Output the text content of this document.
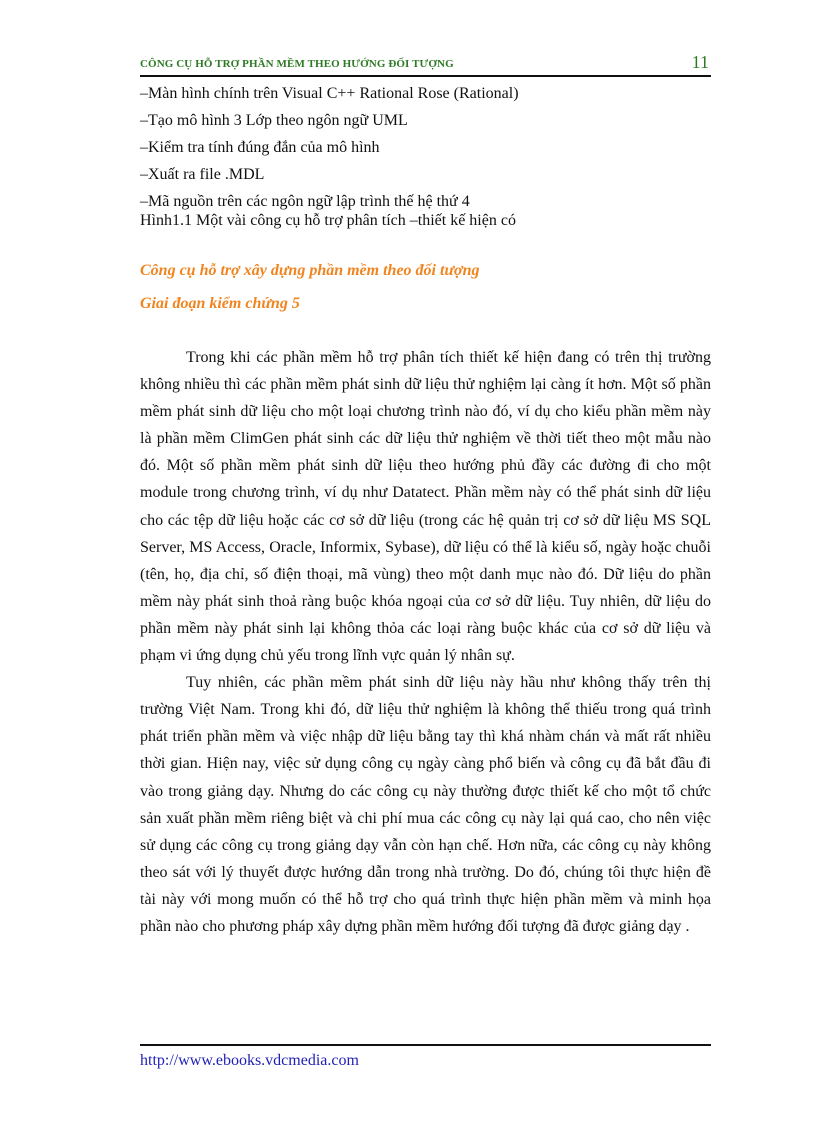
CÔNG CỤ HỖ TRỢ PHẦN MỀM THEO HƯỚNG ĐỐI TƯỢNG	11
–Màn hình chính trên Visual C++ Rational Rose (Rational)
–Tạo mô hình 3 Lớp theo ngôn ngữ UML
–Kiểm tra tính đúng đắn của mô hình
–Xuất ra file .MDL
–Mã nguồn trên các ngôn ngữ lập trình thế hệ thứ 4
Hình1.1 Một vài công cụ hỗ trợ phân tích –thiết kế hiện có
Công cụ hỗ trợ xây dựng phần mềm theo đối tượng
Giai đoạn kiểm chứng 5

Trong khi các phần mềm hỗ trợ phân tích thiết kế hiện đang có trên thị trường không nhiều thì các phần mềm phát sinh dữ liệu thử nghiệm lại càng ít hơn. Một số phần mềm phát sinh dữ liệu cho một loại chương trình nào đó, ví dụ cho kiểu phần mềm này là phần mềm ClimGen phát sinh các dữ liệu thử nghiệm về thời tiết theo một mẫu nào đó. Một số phần mềm phát sinh dữ liệu theo hướng phủ đầy các đường đi cho một module trong chương trình, ví dụ như Datatect. Phần mềm này có thể phát sinh dữ liệu cho các tệp dữ liệu hoặc các cơ sở dữ liệu (trong các hệ quản trị cơ sở dữ liệu MS SQL Server, MS Access, Oracle, Informix, Sybase), dữ liệu có thể là kiểu số, ngày hoặc chuỗi (tên, họ, địa chỉ, số điện thoại, mã vùng) theo một danh mục nào đó. Dữ liệu do phần mềm này phát sinh thoả ràng buộc khóa ngoại của cơ sở dữ liệu. Tuy nhiên, dữ liệu do phần mềm này phát sinh lại không thỏa các loại ràng buộc khác của cơ sở dữ liệu và phạm vi ứng dụng chủ yếu trong lĩnh vực quản lý nhân sự.

Tuy nhiên, các phần mềm phát sinh dữ liệu này hầu như không thấy trên thị trường Việt Nam. Trong khi đó, dữ liệu thử nghiệm là không thể thiếu trong quá trình phát triển phần mềm và việc nhập dữ liệu bằng tay thì khá nhàm chán và mất rất nhiều thời gian. Hiện nay, việc sử dụng công cụ ngày càng phổ biến và công cụ đã bắt đầu đi vào trong giảng dạy. Nhưng do các công cụ này thường được thiết kế cho một tổ chức sản xuất phần mềm riêng biệt và chi phí mua các công cụ này lại quá cao, cho nên việc sử dụng các công cụ trong giảng dạy vẫn còn hạn chế. Hơn nữa, các công cụ này không theo sát với lý thuyết được hướng dẫn trong nhà trường. Do đó, chúng tôi thực hiện đề tài này với mong muốn có thể hỗ trợ cho quá trình thực hiện phần mềm và minh họa phần nào cho phương pháp xây dựng phần mềm hướng đối tượng đã được giảng dạy .

http://www.ebooks.vdcmedia.com
